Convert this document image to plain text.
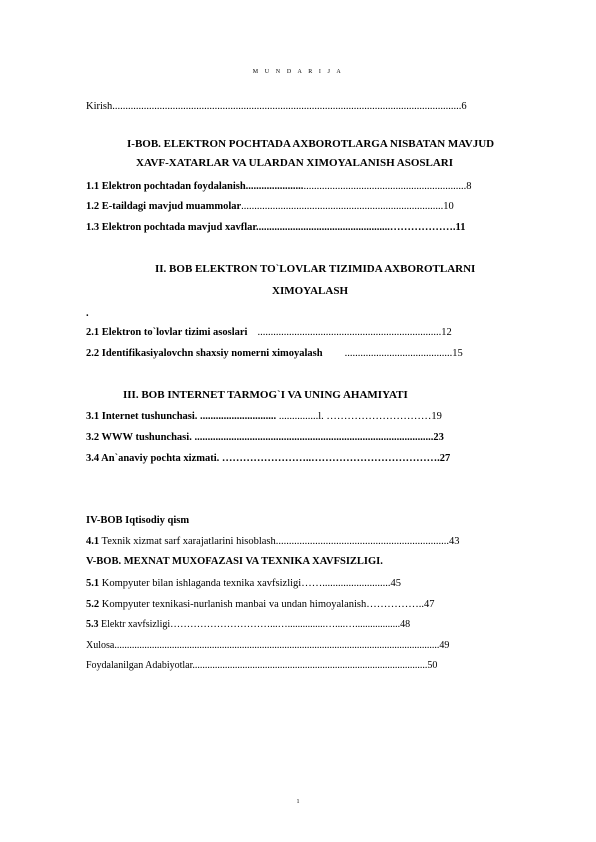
M U N D A R I J A
Kirish.....................................................................................................................................6
I-BOB. ELEKTRON POCHTADA AXBOROTLARGA NISBATAN MAVJUD
XAVF-XATARLAR VA ULARDAN XIMOYALANISH ASOSLARI
1.1 Elektron pochtadan foydalanish....................................................................................8
1.2 E-taildagi mavjud muammolar.............................................................................10
1.3 Elektron pochtada mavjud xavflar...................................................……………….11
II. BOB ELEKTRON TO`LOVLAR TIZIMIDA AXBOROTLARNI
XIMOYALASH
.
2.1 Elektron to`lovlar tizimi asoslari ......................................................................12
2.2 Identifikasiyalovchn shaxsiy nomerni ximoyalash .........................................15
III. BOB INTERNET TARMOG`I VA UNING AHAMIYATI
3.1 Internet tushunchasi. ............................. ...............l. …………………………19
3.2 WWW tushunchasi. ...........................................................................................23
3.4 An`anaviy pochta xizmati. ……………………..……………………………….27
IV-BOB Iqtisodiy qism
4.1 Texnik xizmat sarf xarajatlarini hisoblash..................................................................43
V-BOB. MEXNAT MUXOFAZASI VA TEXNIKA XAVFSIZLIGI.
5.1 Kompyuter bilan ishlaganda texnika xavfsizligi……..........................45
5.2 Kompyuter texnikasi-nurlanish manbai va undan himoyalanish……………..47
5.3 Elektr xavfsizligi…………………………...…...............…....…..................48
Xulosa..................................................................................................................................49
Foydalanilgan Adabiyotlar..............................................................................................50
1
